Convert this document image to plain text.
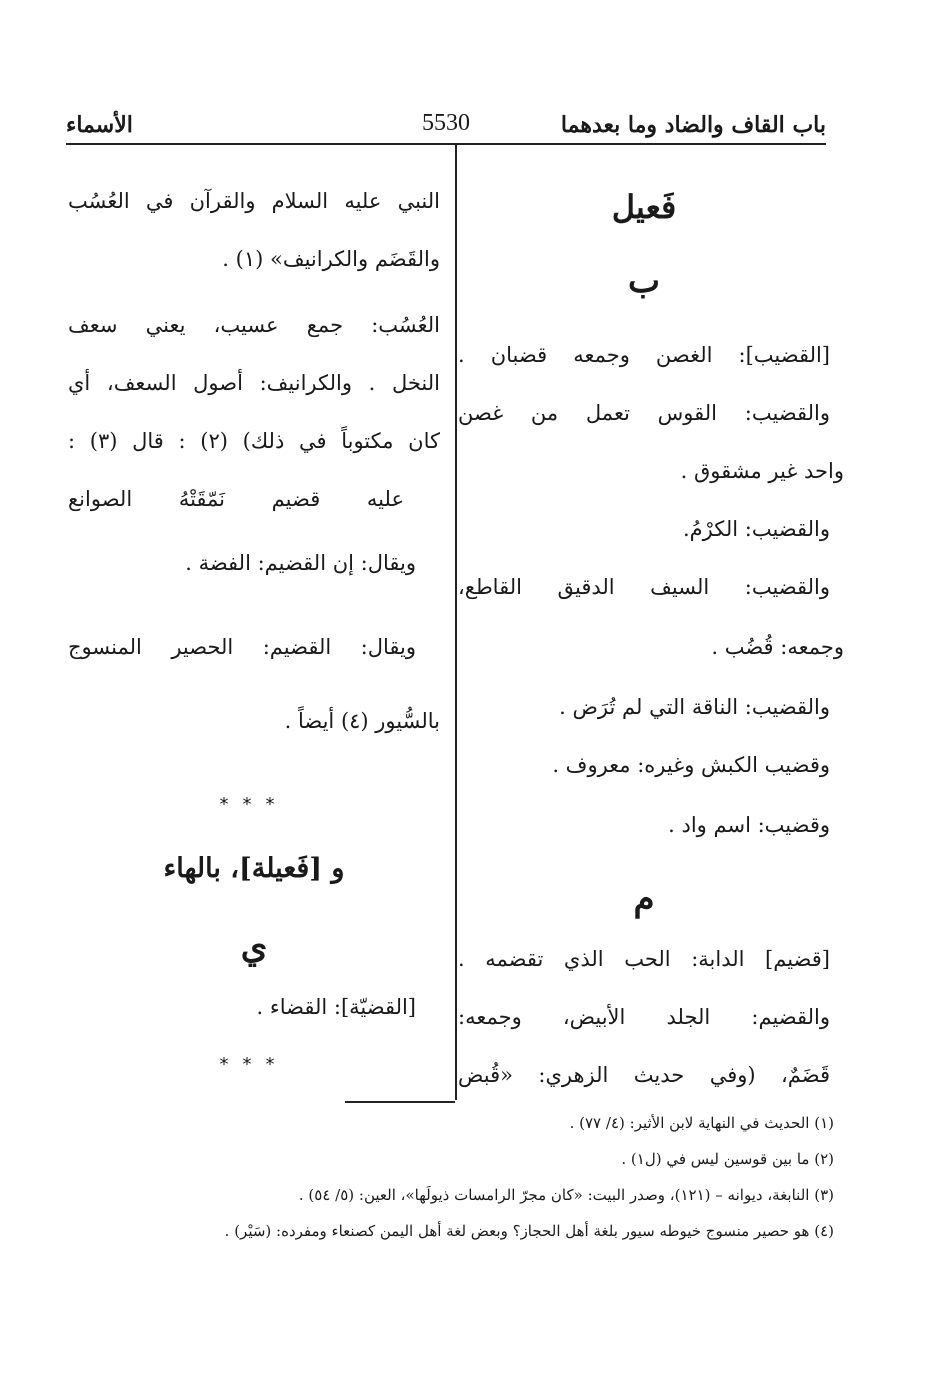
باب القاف والضاد وما بعدهما
5530
الأسماء
فَعيل
ب
[القضيب]: الغصن وجمعه قضبان .
والقضيب: القوس تعمل من غصن
واحد غير مشقوق .
والقضيب: الكرْمُ.
والقضيب: السيف الدقيق القاطع،
وجمعه: قُضُب .
والقضيب: الناقة التي لم تُرَض .
وقضيب الكبش وغيره: معروف .
وقضيب: اسم واد .
م
[قضيم] الدابة: الحب الذي تقضمه .
والقضيم: الجلد الأبيض، وجمعه:
قَضَمٌ، (وفي حديث الزهري: «قُبض
النبي عليه السلام والقرآن في العُسُب
والقَضَم والكرانيف» (١) .
العُسُب: جمع عسيب، يعني سعف
النخل . والكرانيف: أصول السعف، أي
كان مكتوباً في ذلك) (٢) : قال (٣) :
عليه قضيم نَمّقَتْهُ الصوانع
ويقال: إن القضيم: الفضة .
ويقال: القضيم: الحصير المنسوج
بالسُّيور (٤) أيضاً .
***
و [فَعيلة]، بالهاء
ي
[القضيّة]: القضاء .
***
(١) الحديث في النهاية لابن الأثير: (٤/ ٧٧) .
(٢) ما بين قوسين ليس في (ل١) .
(٣) النابغة، ديوانه – (١٢١)، وصدر البيت: «كان مجرّ الرامسات ذيولَها»، العين: (٥/ ٥٤) .
(٤) هو حصير منسوج خيوطه سيور بلغة أهل الحجاز؟ وبعض لغة أهل اليمن كصنعاء ومفرده: (سَيْر) .
